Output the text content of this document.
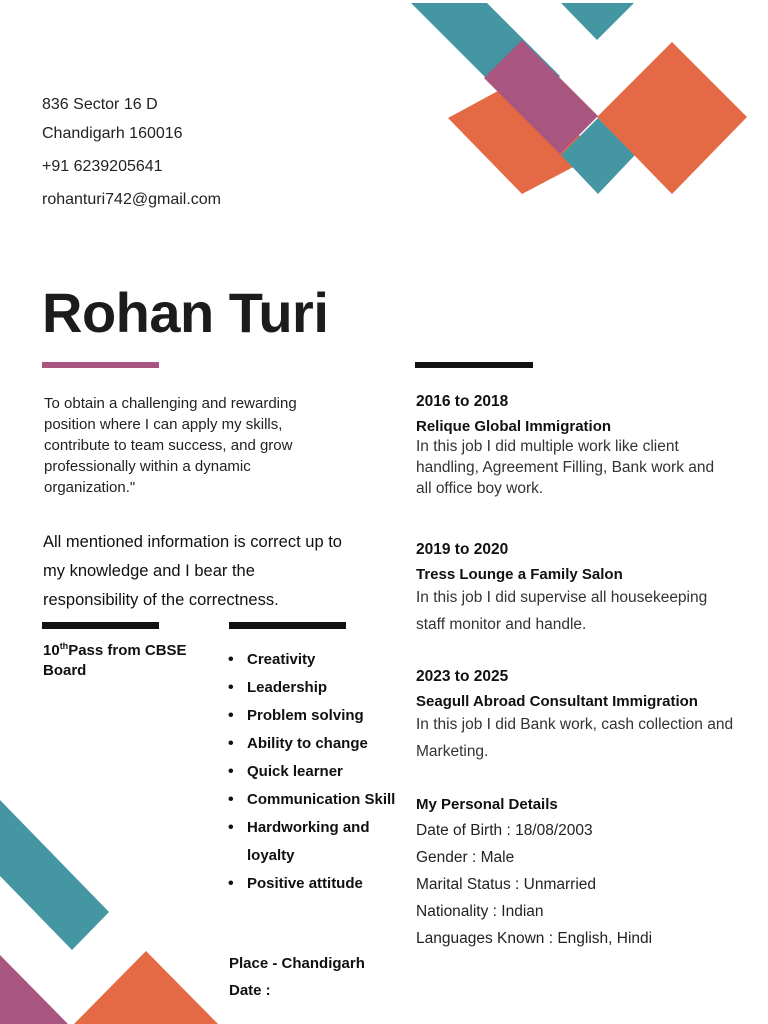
836 Sector 16 D
Chandigarh 160016
+91 6239205641
rohanturi742@gmail.com
Rohan Turi
To obtain a challenging and rewarding position where I can apply my skills, contribute to team success, and grow professionally within a dynamic organization."
All mentioned information is correct up to my knowledge and I bear the responsibility of the correctness.
10thPass from CBSE Board
• Creativity
• Leadership
• Problem solving
• Ability to change
• Quick learner
• Communication Skill
• Hardworking and loyalty
• Positive attitude
Place - Chandigarh
Date :
2016 to 2018
Relique Global Immigration
In this job I did multiple work like client handling, Agreement Filling, Bank work and all office boy work.
2019 to 2020
Tress Lounge a Family Salon
In this job I did supervise all housekeeping staff monitor and handle.
2023 to 2025
Seagull Abroad Consultant Immigration
In this job I did Bank work, cash collection and Marketing.
My Personal Details
Date of Birth : 18/08/2003
Gender : Male
Marital Status : Unmarried
Nationality : Indian
Languages Known : English, Hindi
